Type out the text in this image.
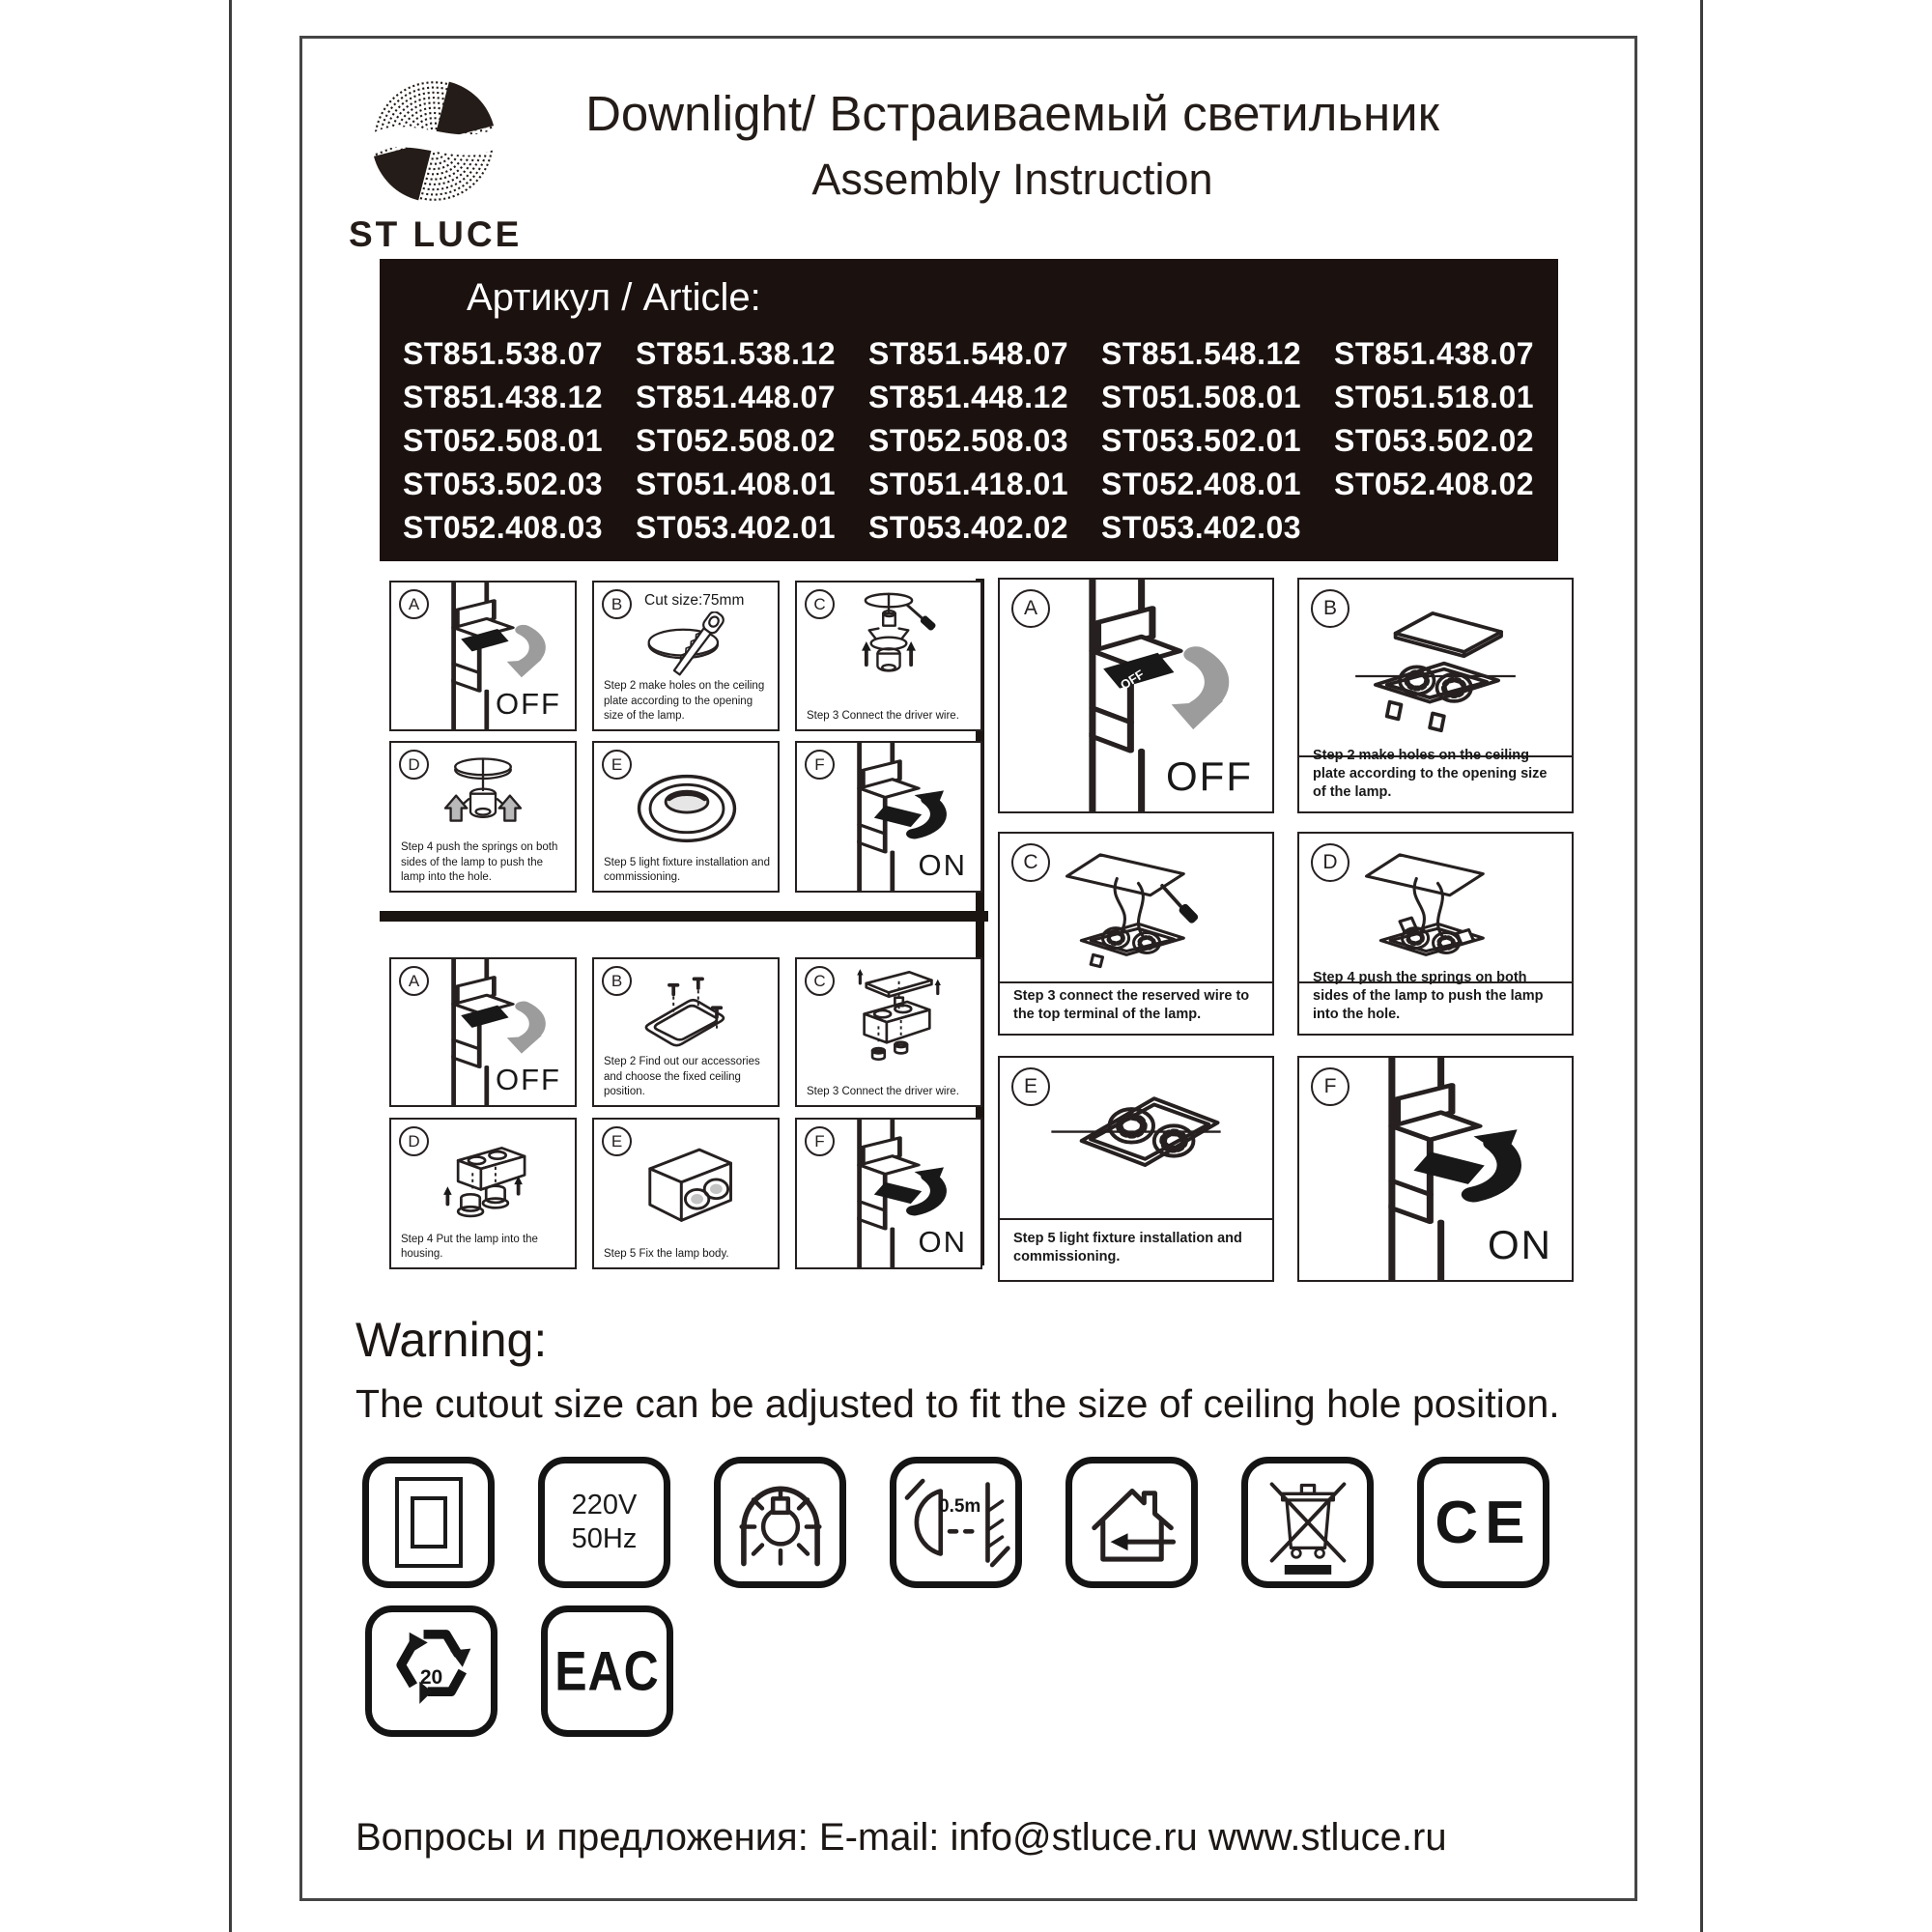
ST LUCE
Downlight/ Встраиваемый светильник
Assembly Instruction
Артикул / Article:
ST851.538.07	ST851.538.12	ST851.548.07	ST851.548.12	ST851.438.07
ST851.438.12	ST851.448.07	ST851.448.12	ST051.508.01	ST051.518.01
ST052.508.01	ST052.508.02	ST052.508.03	ST053.502.01	ST053.502.02
ST053.502.03	ST051.408.01	ST051.418.01	ST052.408.01	ST052.408.02
ST052.408.03	ST053.402.01	ST053.402.02	ST053.402.03
A
OFF
B	Cut size:75mm
Step 2 make holes on the ceiling plate according to the opening size of the lamp.
C
Step 3 Connect the driver wire.
D
Step 4 push the springs on both sides of the lamp to push the lamp into the hole.
E
Step 5 light fixture installation and commissioning.
F
ON
A
OFF
B
Step 2 Find out our accessories and choose the fixed ceiling position.
C
Step 3 Connect the driver wire.
D
Step 4 Put the lamp into the housing.
E
Step 5 Fix the lamp body.
F
ON
A
OFF
OFF
B
Step 2 make holes on the ceiling plate according to the opening size of the lamp.
C
Step 3 connect the reserved wire to the top terminal of the lamp.
D
Step 4 push the springs on both sides of the lamp to push the lamp into the hole.
E
Step 5 light fixture installation and commissioning.
F
ON
ON
Warning:
The cutout size can be adjusted to fit the size of ceiling hole position.
220V
50Hz
0.5m	CE
20	EAC
Вопросы и предложения: E-mail: info@stluce.ru www.stluce.ru
